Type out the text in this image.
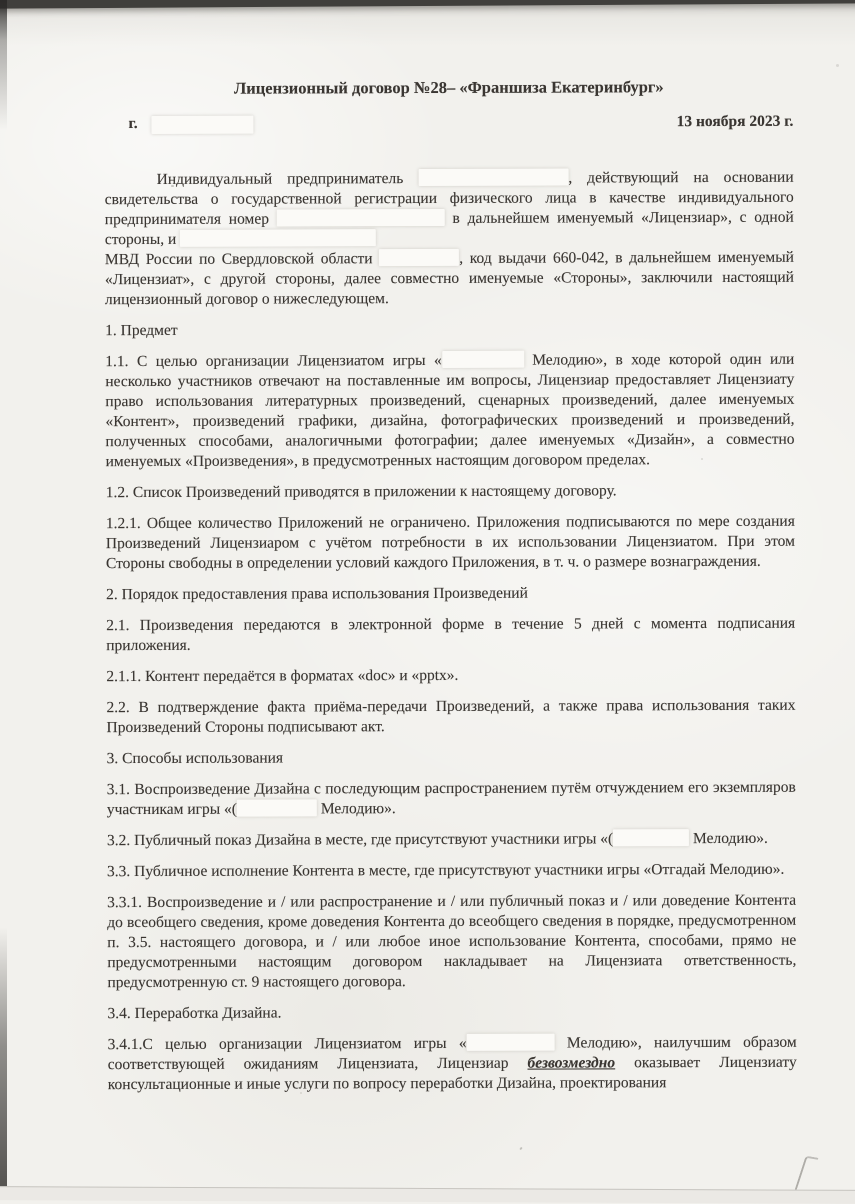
Лицензионный договор №28– «Франшиза Екатеринбург»
г.	13 ноября 2023 г.

Индивидуальный предприниматель	, действующий на основании свидетельства о государственной регистрации физического лица в качестве индивидуального предпринимателя номер	в дальнейшем именуемый «Лицензиар», с одной стороны, и

МВД России по Свердловской области	, код выдачи 660-042, в дальнейшем именуемый «Лицензиат», с другой стороны, далее совместно именуемые «Стороны», заключили настоящий лицензионный договор о нижеследующем.

1. Предмет

1.1. С целью организации Лицензиатом игры «	Мелодию», в ходе которой один или несколько участников отвечают на поставленные им вопросы, Лицензиар предоставляет Лицензиату право использования литературных произведений, сценарных произведений, далее именуемых «Контент», произведений графики, дизайна, фотографических произведений и произведений, полученных способами, аналогичными фотографии; далее именуемых «Дизайн», а совместно именуемых «Произведения», в предусмотренных настоящим договором пределах.

1.2. Список Произведений приводятся в приложении к настоящему договору.

1.2.1. Общее количество Приложений не ограничено. Приложения подписываются по мере создания Произведений Лицензиаром с учётом потребности в их использовании Лицензиатом. При этом Стороны свободны в определении условий каждого Приложения, в т. ч. о размере вознаграждения.

2. Порядок предоставления права использования Произведений

2.1. Произведения передаются в электронной форме в течение 5 дней с момента подписания приложения.

2.1.1. Контент передаётся в форматах «doc» и «pptx».

2.2. В подтверждение факта приёма-передачи Произведений, а также права использования таких Произведений Стороны подписывают акт.

3. Способы использования

3.1. Воспроизведение Дизайна с последующим распространением путём отчуждением его экземпляров участникам игры «(	Мелодию».

3.2. Публичный показ Дизайна в месте, где присутствуют участники игры «(	Мелодию».

3.3. Публичное исполнение Контента в месте, где присутствуют участники игры «Отгадай Мелодию».

3.3.1. Воспроизведение и / или распространение и / или публичный показ и / или доведение Контента до всеобщего сведения, кроме доведения Контента до всеобщего сведения в порядке, предусмотренном п. 3.5. настоящего договора, и / или любое иное использование Контента, способами, прямо не предусмотренными настоящим договором накладывает на Лицензиата ответственность, предусмотренную ст. 9 настоящего договора.

3.4. Переработка Дизайна.

3.4.1.С целью организации Лицензиатом игры «	Мелодию», наилучшим образом соответствующей ожиданиям Лицензиата, Лицензиар безвозмездно оказывает Лицензиату консультационные и иные услуги по вопросу переработки Дизайна, проектирования
